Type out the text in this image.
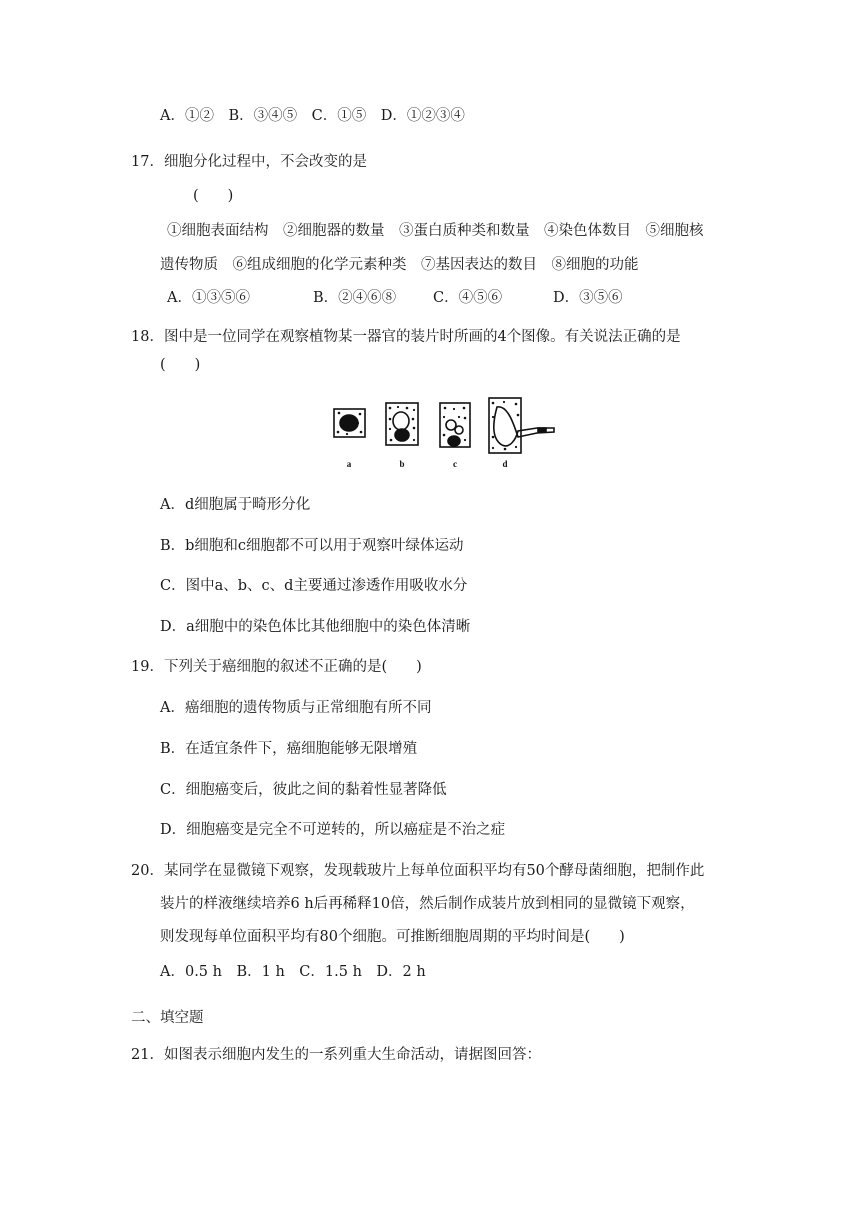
A．①②　B．③④⑤　C．①⑤　D．①②③④
17．细胞分化过程中，不会改变的是
(　　)
①细胞表面结构　②细胞器的数量　③蛋白质种类和数量　④染色体数目　⑤细胞核
遗传物质　⑥组成细胞的化学元素种类　⑦基因表达的数目　⑧细胞的功能
A．①③⑤⑥	B．②④⑥⑧	C．④⑤⑥	D．③⑤⑥
18．图中是一位同学在观察植物某一器官的装片时所画的4个图像。有关说法正确的是
(　　)
a	b	c	d
A．d细胞属于畸形分化
B．b细胞和c细胞都不可以用于观察叶绿体运动
C．图中a、b、c、d主要通过渗透作用吸收水分
D．a细胞中的染色体比其他细胞中的染色体清晰
19．下列关于癌细胞的叙述不正确的是(　　)
A．癌细胞的遗传物质与正常细胞有所不同
B．在适宜条件下，癌细胞能够无限增殖
C．细胞癌变后，彼此之间的黏着性显著降低
D．细胞癌变是完全不可逆转的，所以癌症是不治之症
20．某同学在显微镜下观察，发现载玻片上每单位面积平均有50个酵母菌细胞，把制作此
装片的样液继续培养6 h后再稀释10倍，然后制作成装片放到相同的显微镜下观察，
则发现每单位面积平均有80个细胞。可推断细胞周期的平均时间是(　　)
A．0.5 h　B．1 h　C．1.5 h　D．2 h
二、填空题
21．如图表示细胞内发生的一系列重大生命活动，请据图回答：
